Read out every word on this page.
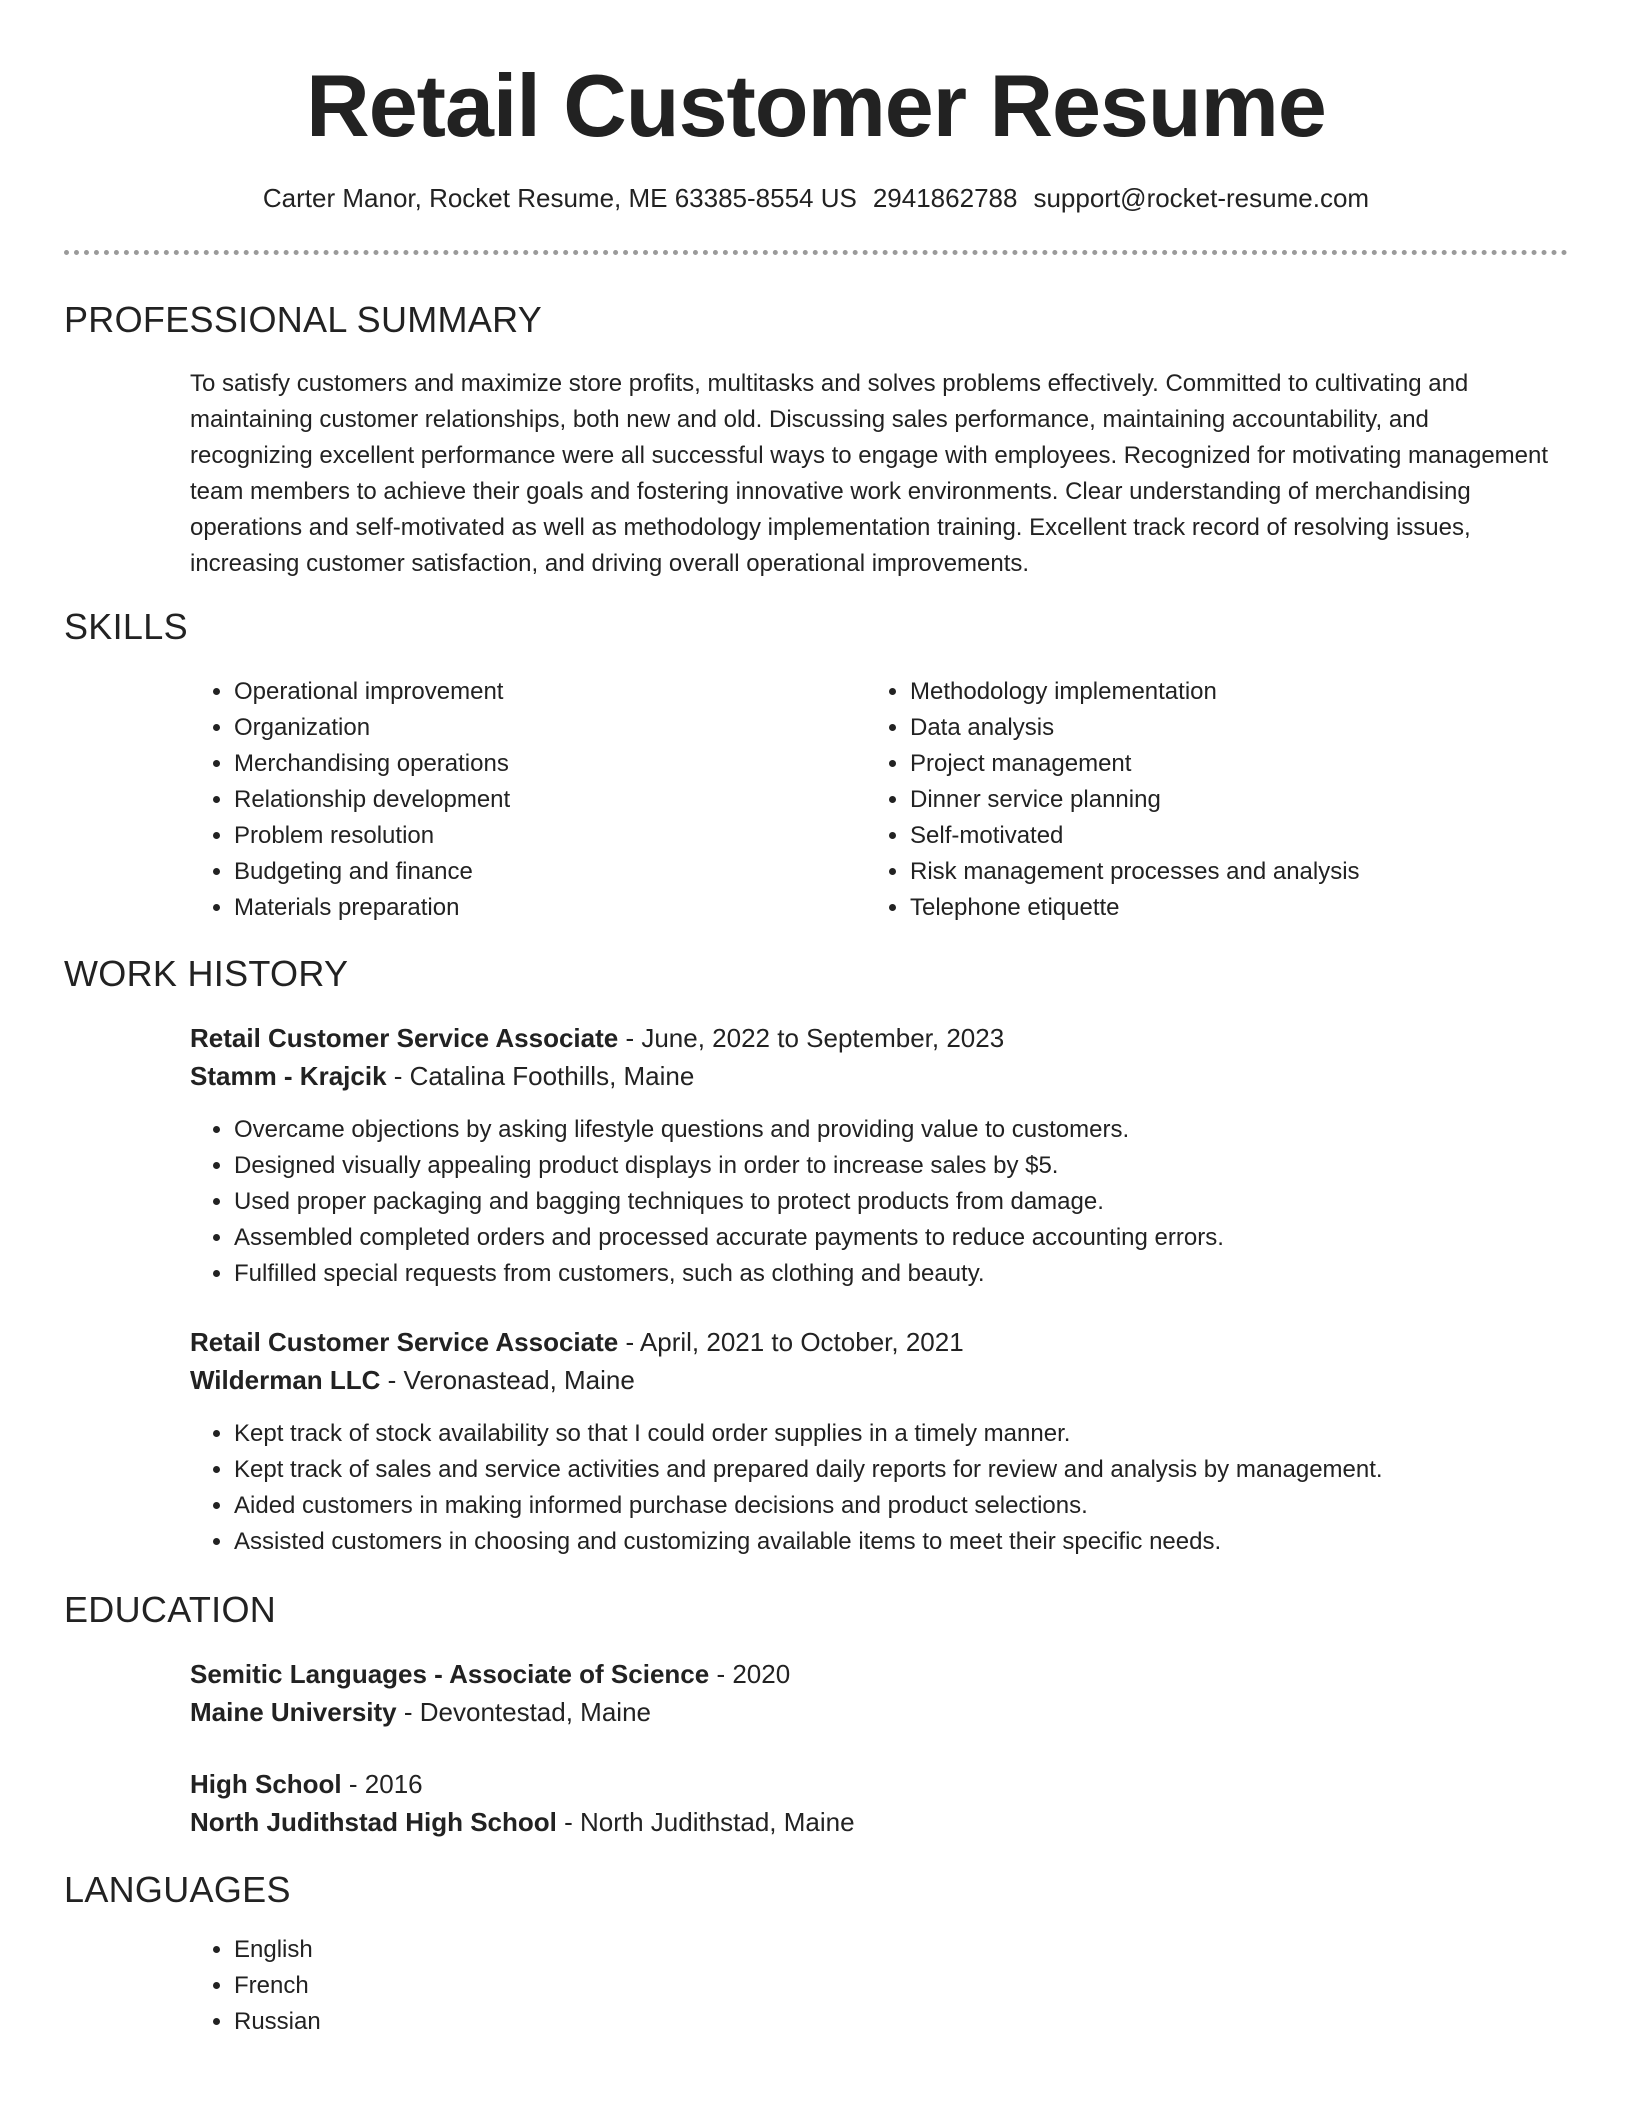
Retail Customer Resume
Carter Manor, Rocket Resume, ME 63385-8554 US 2941862788 support@rocket-resume.com
PROFESSIONAL SUMMARY
To satisfy customers and maximize store profits, multitasks and solves problems effectively. Committed to cultivating and maintaining customer relationships, both new and old. Discussing sales performance, maintaining accountability, and recognizing excellent performance were all successful ways to engage with employees. Recognized for motivating management team members to achieve their goals and fostering innovative work environments. Clear understanding of merchandising operations and self-motivated as well as methodology implementation training. Excellent track record of resolving issues, increasing customer satisfaction, and driving overall operational improvements.
SKILLS
• Operational improvement
• Organization
• Merchandising operations
• Relationship development
• Problem resolution
• Budgeting and finance
• Materials preparation
• Methodology implementation
• Data analysis
• Project management
• Dinner service planning
• Self-motivated
• Risk management processes and analysis
• Telephone etiquette
WORK HISTORY
Retail Customer Service Associate - June, 2022 to September, 2023
Stamm - Krajcik - Catalina Foothills, Maine
• Overcame objections by asking lifestyle questions and providing value to customers.
• Designed visually appealing product displays in order to increase sales by $5.
• Used proper packaging and bagging techniques to protect products from damage.
• Assembled completed orders and processed accurate payments to reduce accounting errors.
• Fulfilled special requests from customers, such as clothing and beauty.
Retail Customer Service Associate - April, 2021 to October, 2021
Wilderman LLC - Veronastead, Maine
• Kept track of stock availability so that I could order supplies in a timely manner.
• Kept track of sales and service activities and prepared daily reports for review and analysis by management.
• Aided customers in making informed purchase decisions and product selections.
• Assisted customers in choosing and customizing available items to meet their specific needs.
EDUCATION
Semitic Languages - Associate of Science - 2020
Maine University - Devontestad, Maine
High School - 2016
North Judithstad High School - North Judithstad, Maine
LANGUAGES
• English
• French
• Russian
